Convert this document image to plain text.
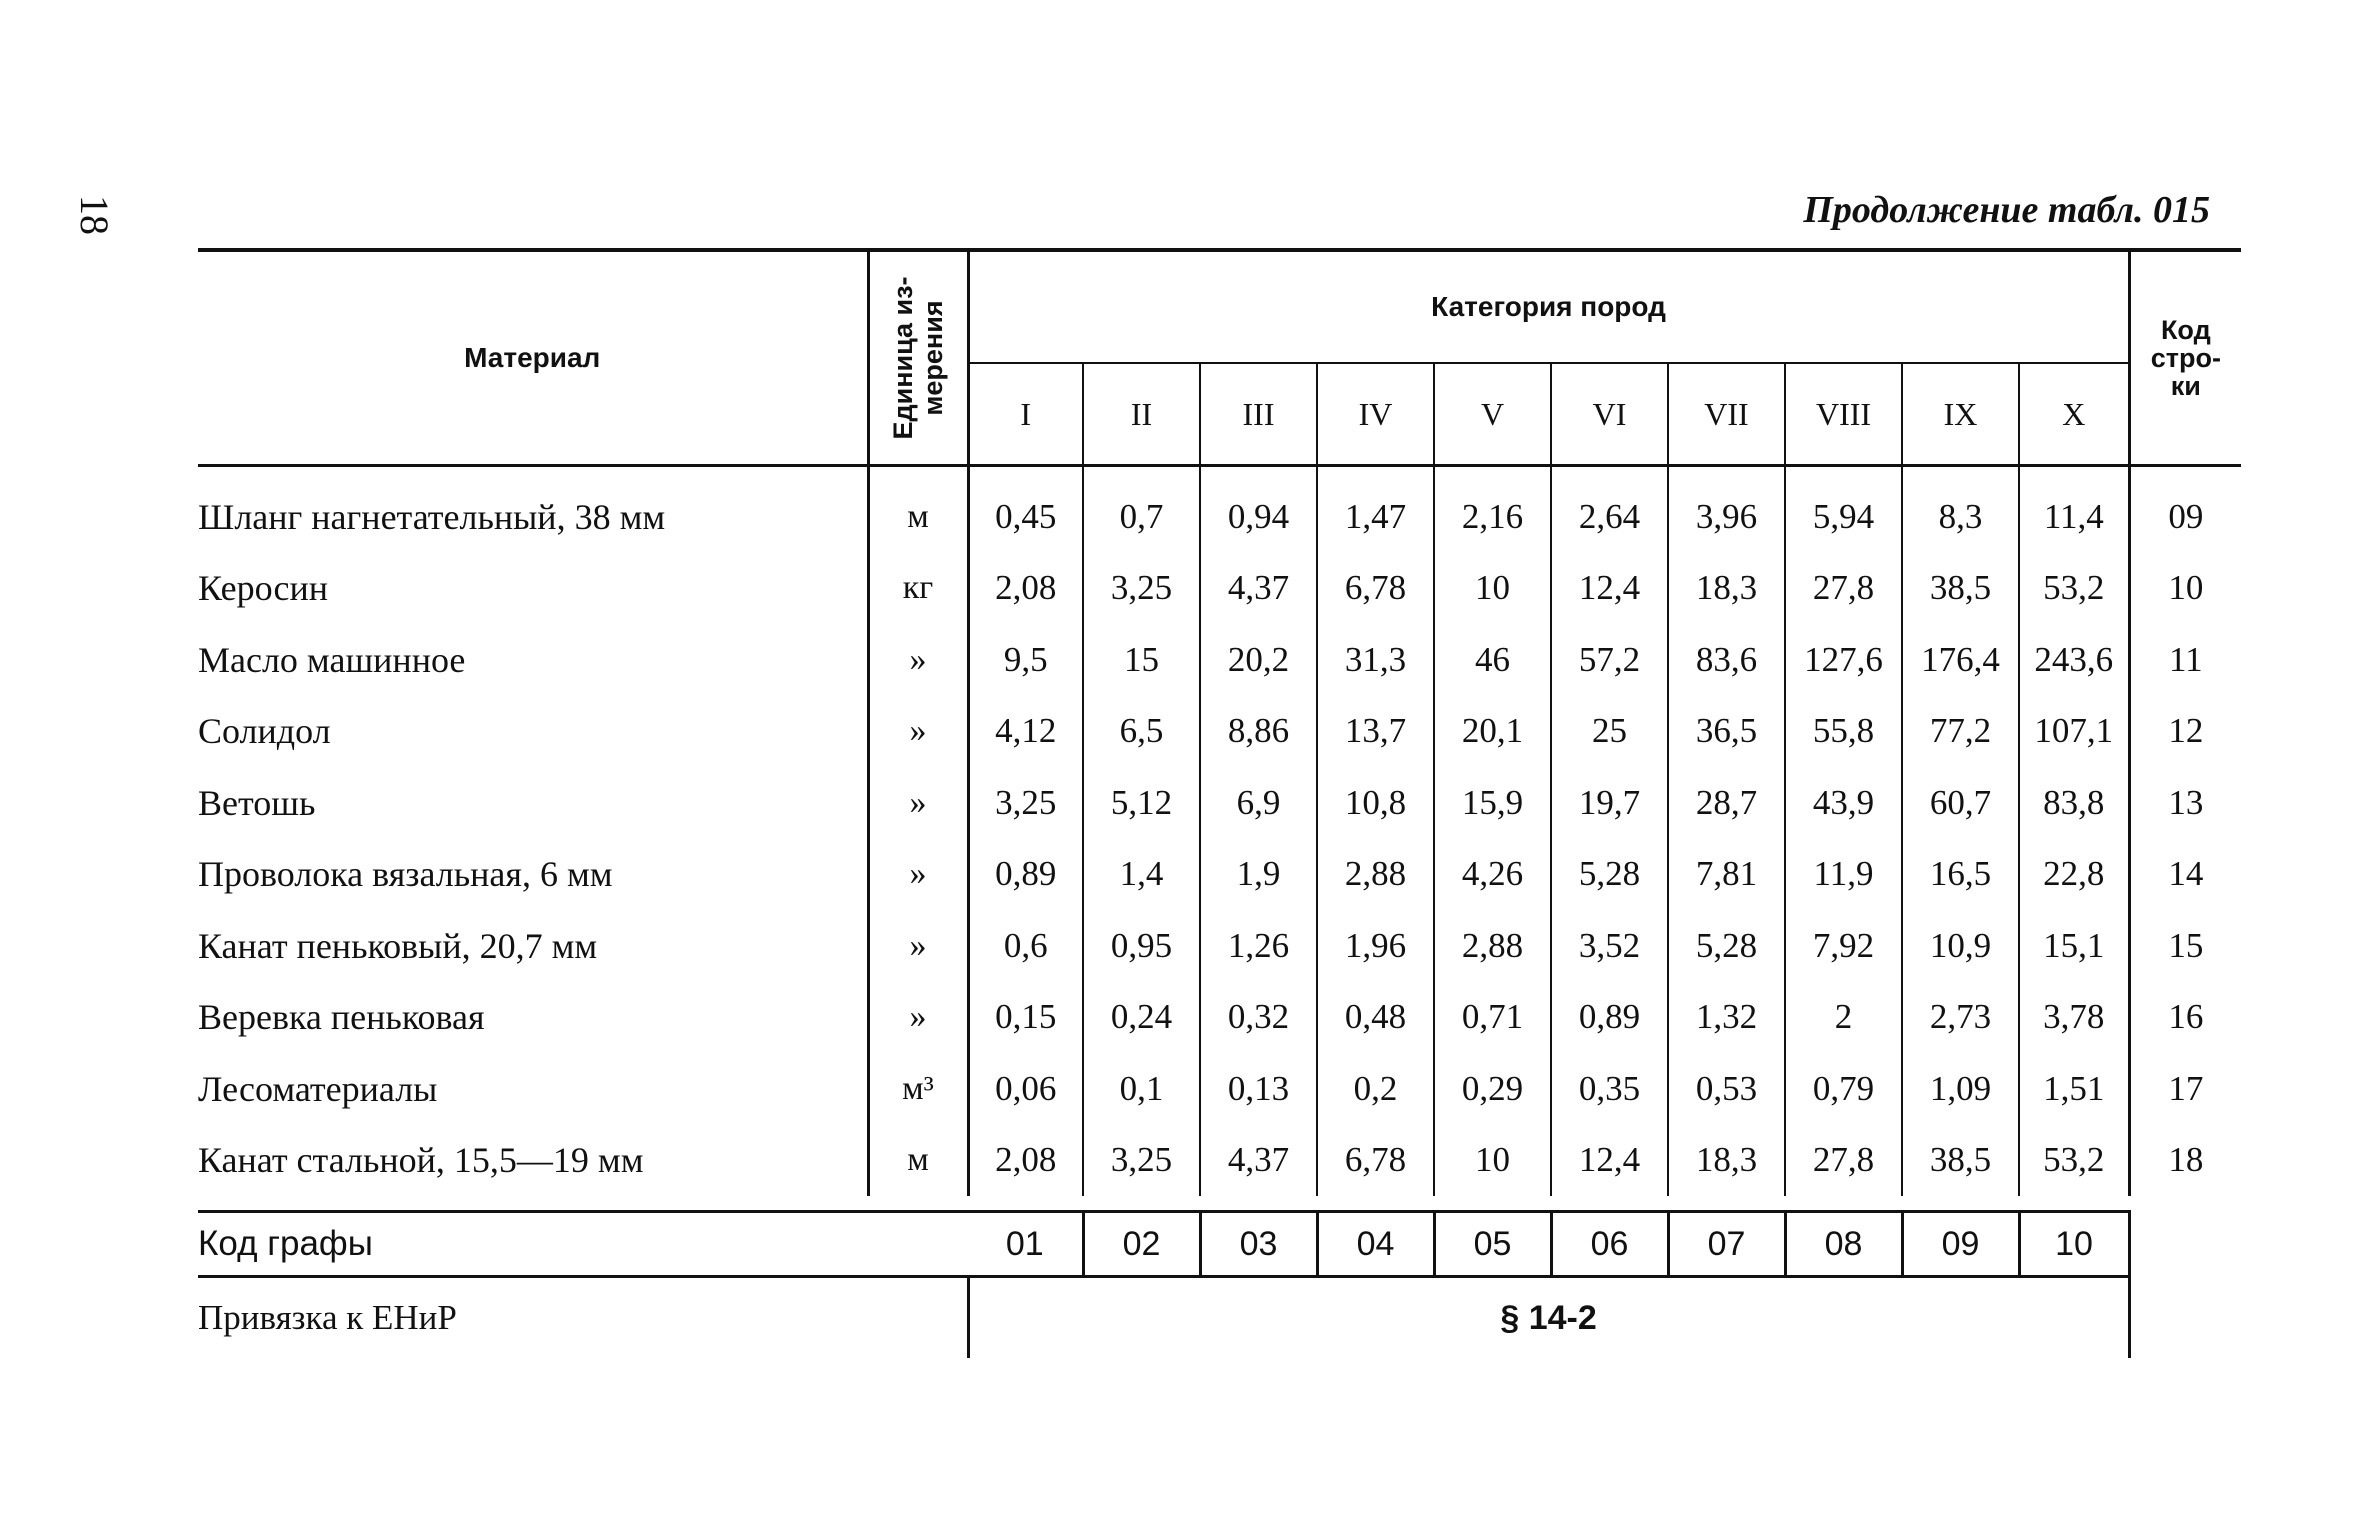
18	Продолжение табл. 015
Материал	Единица из-
мерения	Категория пород										Код
стро-
ки
		I	II	III	IV	V	VI	VII	VIII	IX	X	
Шланг нагнетательный, 38 мм	м	0,45	0,7	0,94	1,47	2,16	2,64	3,96	5,94	8,3	11,4	09
Керосин	кг	2,08	3,25	4,37	6,78	10	12,4	18,3	27,8	38,5	53,2	10
Масло машинное	»	9,5	15	20,2	31,3	46	57,2	83,6	127,6	176,4	243,6	11
Солидол	»	4,12	6,5	8,86	13,7	20,1	25	36,5	55,8	77,2	107,1	12
Ветошь	»	3,25	5,12	6,9	10,8	15,9	19,7	28,7	43,9	60,7	83,8	13
Проволока вязальная, 6 мм	»	0,89	1,4	1,9	2,88	4,26	5,28	7,81	11,9	16,5	22,8	14
Канат пеньковый, 20,7 мм	»	0,6	0,95	1,26	1,96	2,88	3,52	5,28	7,92	10,9	15,1	15
Веревка пеньковая	»	0,15	0,24	0,32	0,48	0,71	0,89	1,32	2	2,73	3,78	16
Лесоматериалы	м³	0,06	0,1	0,13	0,2	0,29	0,35	0,53	0,79	1,09	1,51	17
Канат стальной, 15,5—19 мм	м	2,08	3,25	4,37	6,78	10	12,4	18,3	27,8	38,5	53,2	18

Код графы		01	02	03	04	05	06	07	08	09	10	
Привязка к ЕНиР		§ 14-2										
